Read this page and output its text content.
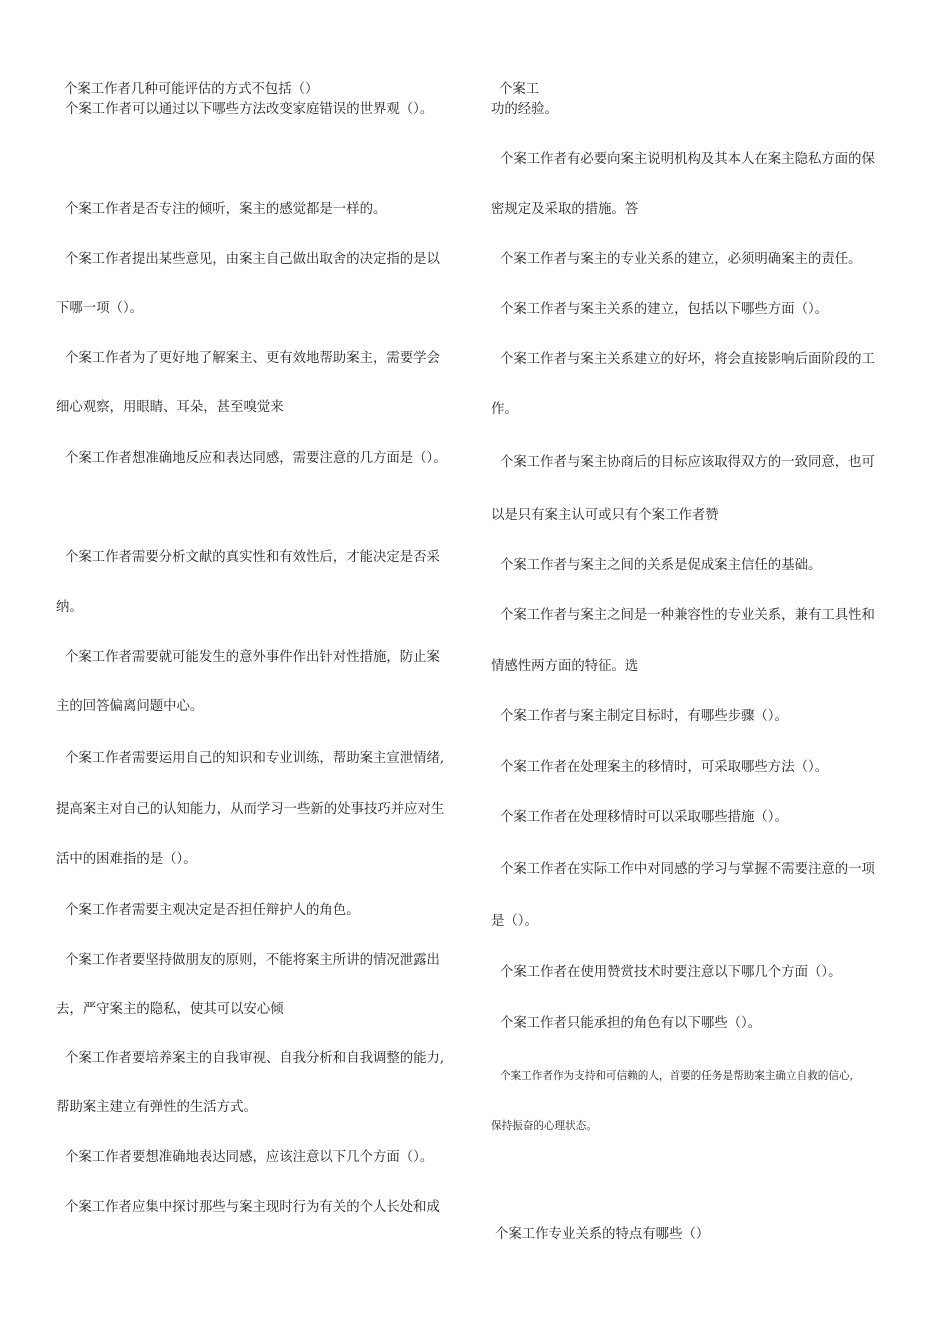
个案工作者几种可能评估的方式不包括（）
个案工作者可以通过以下哪些方法改变家庭错误的世界观（）。
个案工作者是否专注的倾听，案主的感觉都是一样的。
个案工作者提出某些意见，由案主自己做出取舍的决定指的是以
下哪一项（）。
个案工作者为了更好地了解案主、更有效地帮助案主，需要学会
细心观察，用眼睛、耳朵，甚至嗅觉来
个案工作者想准确地反应和表达同感，需要注意的几方面是（）。
个案工作者需要分析文献的真实性和有效性后，才能决定是否采
纳。
个案工作者需要就可能发生的意外事件作出针对性措施，防止案
主的回答偏离问题中心。
个案工作者需要运用自己的知识和专业训练，帮助案主宣泄情绪,
提高案主对自己的认知能力，从而学习一些新的处事技巧并应对生
活中的困难指的是（）。
个案工作者需要主观决定是否担任辩护人的角色。
个案工作者要坚持做朋友的原则，不能将案主所讲的情况泄露出
去，严守案主的隐私，使其可以安心倾
个案工作者要培养案主的自我审视、自我分析和自我调整的能力,
帮助案主建立有弹性的生活方式。
个案工作者要想准确地表达同感，应该注意以下几个方面（）。
个案工作者应集中探讨那些与案主现时行为有关的个人长处和成
个案工
功的经验。
个案工作者有必要向案主说明机构及其本人在案主隐私方面的保
密规定及采取的措施。答
个案工作者与案主的专业关系的建立，必须明确案主的责任。
个案工作者与案主关系的建立，包括以下哪些方面（）。
个案工作者与案主关系建立的好坏，将会直接影响后面阶段的工
作。
个案工作者与案主协商后的目标应该取得双方的一致同意，也可
以是只有案主认可或只有个案工作者赞
个案工作者与案主之间的关系是促成案主信任的基础。
个案工作者与案主之间是一种兼容性的专业关系，兼有工具性和
情感性两方面的特征。选
个案工作者与案主制定目标时，有哪些步骤（）。
个案工作者在处理案主的移情时，可采取哪些方法（）。
个案工作者在处理移情时可以采取哪些措施（）。
个案工作者在实际工作中对同感的学习与掌握不需要注意的一项
是（）。
个案工作者在使用赞赏技术时要注意以下哪几个方面（）。
个案工作者只能承担的角色有以下哪些（）。
个案工作者作为支持和可信赖的人，首要的任务是帮助案主确立自救的信心,
保持振奋的心理状态。
个案工作专业关系的特点有哪些（）
